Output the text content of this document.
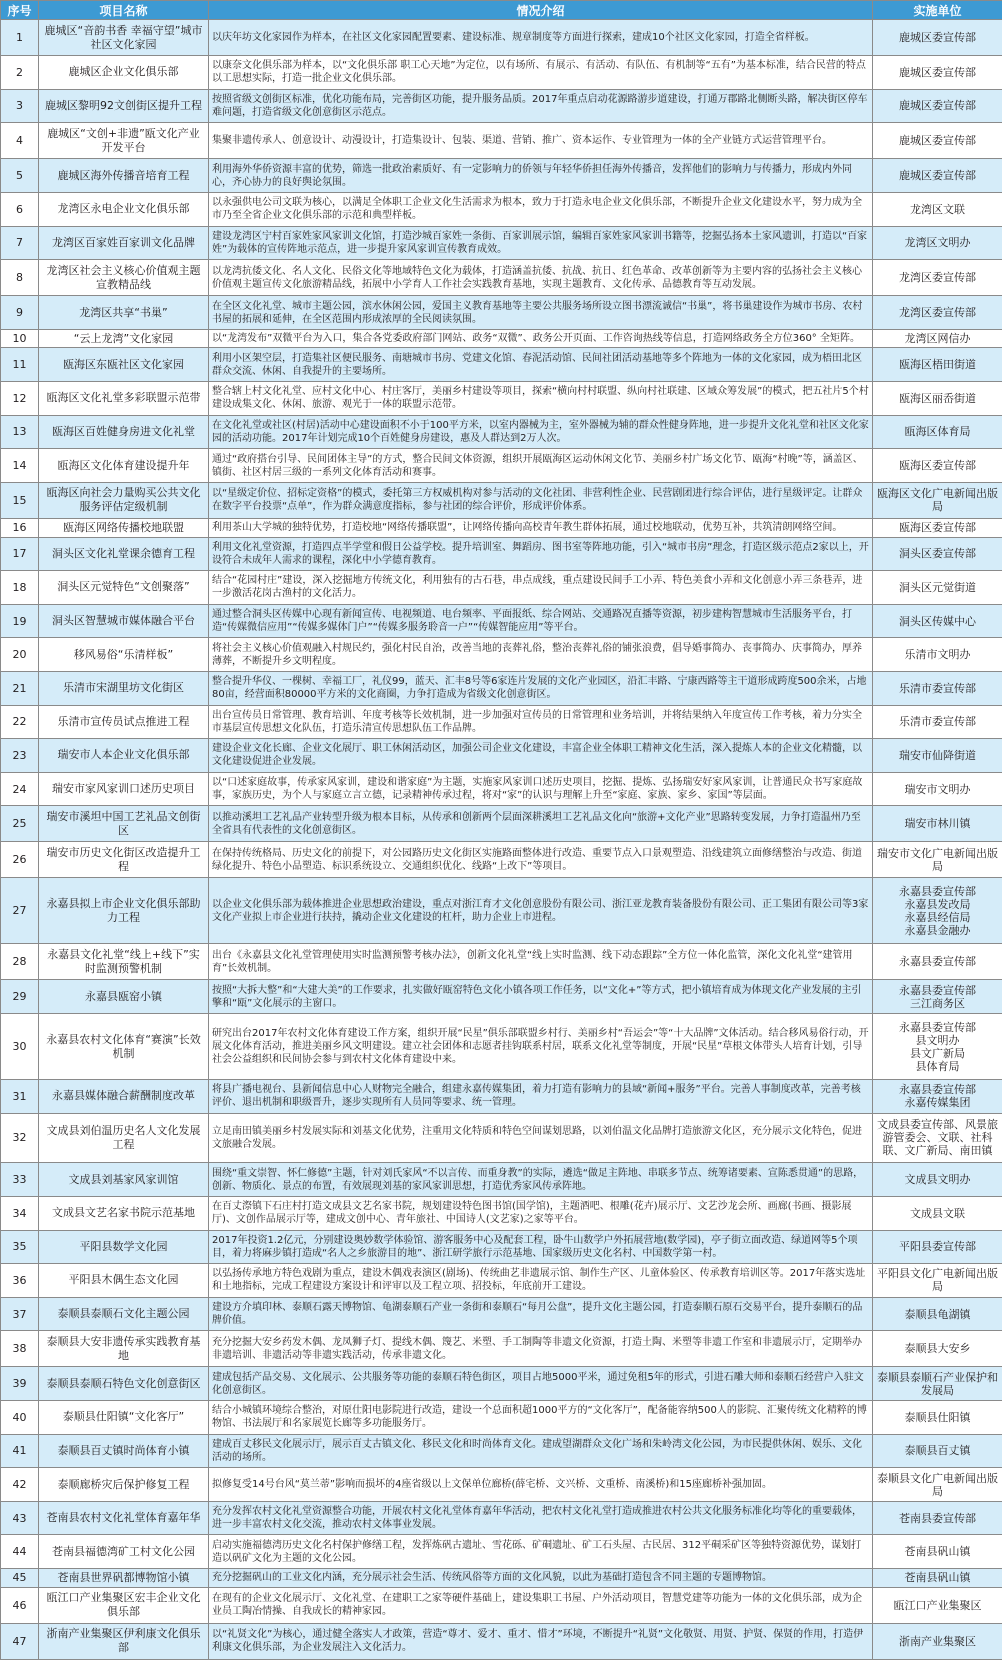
序号	项目名称	情况介绍	实施单位
1	鹿城区“音韵书香 幸福守望”城市社区文化家园	以庆年坊文化家园作为样本，在社区文化家园配置要素、建设标准、规章制度等方面进行探索，建成10个社区文化家园，打造全省样板。	鹿城区委宣传部
2	鹿城区企业文化俱乐部	以康奈文化俱乐部为样本，以“文化俱乐部 职工心天地”为定位，以有场所、有展示、有活动、有队伍、有机制等“五有”为基本标准，结合民营的特点以工思想实际，打造一批企业文化俱乐部。	鹿城区委宣传部
3	鹿城区黎明92文创街区提升工程	按照省级文创街区标准，优化功能布局，完善街区功能，提升服务品质。2017年重点启动花源路游步道建设，打通万郡路北侧断头路，解决街区停车难问题，打造省级文化创意街区示范点。	鹿城区委宣传部
4	鹿城区“文创+非遗”瓯文化产业开发平台	集聚非遗传承人、创意设计、动漫设计，打造集设计、包装、渠道、营销、推广、资本运作、专业管理为一体的全产业链方式运营管理平台。	鹿城区委宣传部
5	鹿城区海外传播音培育工程	利用海外华侨资源丰富的优势，筛选一批政治素质好、有一定影响力的侨领与年轻华侨担任海外传播音，发挥他们的影响力与传播力，形成内外同心，齐心协力的良好舆论氛围。	鹿城区委宣传部
6	龙湾区永电企业文化俱乐部	以永强供电公司文联为核心，以满足全体职工企业文化生活需求为根本，致力于打造永电企业文化俱乐部，不断提升企业文化建设水平，努力成为全市乃至全省企业文化俱乐部的示范和典型样板。	龙湾区文联
7	龙湾区百家姓百家训文化品牌	建设龙湾区宁村百家姓家风家训文化馆，打造沙城百家姓一条街、百家训展示馆，编辑百家姓家风家训书籍等，挖掘弘扬本土家风遗训，打造以“百家姓”为载体的宣传阵地示范点，进一步提升家风家训宣传教育成效。	龙湾区文明办
8	龙湾区社会主义核心价值观主题宣教精品线	以龙湾抗倭文化、名人文化、民俗文化等地域特色文化为载体，打造涵盖抗倭、抗战、抗日、红色革命、改革创新等为主要内容的弘扬社会主义核心价值观主题宣传文化旅游精品线，拓展中小学育人工作社会实践教育基地，实现主题教育、文化传承、品德教育等互动发展。	龙湾区委宣传部
9	龙湾区共享“书巢”	在全区文化礼堂、城市主题公园，滨水休闲公园，爱国主义教育基地等主要公共服务场所设立图书漂流诚信“书巢”，将书巢建设作为城市书房、农村书屋的拓展和延伸，在全区范围内形成浓厚的全民阅读氛围。	龙湾区委宣传部
10	“云上龙湾”文化家园	以“龙湾发布”双微平台为入口，集合各党委政府部门网站、政务“双微”、政务公开页面、工作咨询热线等信息，打造网络政务全方位360° 全矩阵。	龙湾区网信办
11	瓯海区东瓯社区文化家园	利用小区架空层，打造集社区便民服务、南塘城市书房、党建文化馆、春泥活动馆、民间社团活动基地等多个阵地为一体的文化家园，成为梧田北区群众交流、休闲、自我提升的主要场所。	瓯海区梧田街道
12	瓯海区文化礼堂多彩联盟示范带	整合辖上村文化礼堂、应村文化中心、村庄客厅，美丽乡村建设等项目，探索“横向村村联盟、纵向村社联建、区域众筹发展”的模式，把五社片5个村建设成集文化、休闲、旅游、观光于一体的联盟示范带。	瓯海区丽岙街道
13	瓯海区百姓健身房进文化礼堂	在文化礼堂或社区(村居)活动中心建设面积不小于100平方米，以室内器械为主，室外器械为辅的群众性健身阵地，进一步提升文化礼堂和社区文化家园的活动功能。2017年计划完成10个百姓健身房建设，惠及人群达到2万人次。	瓯海区体育局
14	瓯海区文化体育建设提升年	通过“政府搭台引导、民间团体主导”的方式，整合民间文体资源，组织开展瓯海区运动休闲文化节、美丽乡村广场文化节、瓯海“村晚”等，涵盖区、镇街、社区村居三级的一系列文化体育活动和赛事。	瓯海区委宣传部
15	瓯海区向社会力量购买公共文化服务评估定级机制	以“星级定价位、招标定资格”的模式，委托第三方权威机构对参与活动的文化社团、非营利性企业、民营剧团进行综合评估，进行星级评定。让群众在数字平台投票“点单”，作为群众满意度指标，参与社团的综合评价，形成评价体系。	瓯海区文化广电新闻出版局
16	瓯海区网络传播校地联盟	利用茶山大学城的独特优势，打造校地“网络传播联盟”，让网络传播向高校青年教生群体拓展，通过校地联动，优势互补，共筑清朗网络空间。	瓯海区委宣传部
17	洞头区文化礼堂课余德育工程	利用文化礼堂资源，打造四点半学堂和假日公益学校。提升培训室、舞蹈房、图书室等阵地功能，引入“城市书房”理念，打造区级示范点2家以上，开设符合未成年人需求的课程，深化中小学德育教育。	洞头区委宣传部
18	洞头区元觉特色“文创聚落”	结合“花园村庄”建设，深入挖掘地方传统文化，利用独有的古石巷，串点成线，重点建设民间手工小弄、特色美食小弄和文化创意小弄三条巷弄，进一步激活花岗古渔村的文化活力。	洞头区元觉街道
19	洞头区智慧城市媒体融合平台	通过整合洞头区传媒中心现有新闻宣传、电视频道、电台频率、平面报纸、综合网站、交通路况直播等资源，初步建构智慧城市生活服务平台，打造“传媒微信应用”“传媒多媒体门户”“传媒多服务聆音一户”“传媒智能应用”等平台。	洞头区传媒中心
20	移风易俗“乐清样板”	将社会主义核心价值观融入村规民约，强化村民自治，改善当地的丧葬礼俗，整治丧葬礼俗的铺张浪费，倡导婚事简办、丧事简办、庆事简办，厚养薄葬，不断提升乡文明程度。	乐清市文明办
21	乐清市宋湖里坊文化街区	整合提升华仪、一棵树、幸福工厂，礼仪99，蓝天、汇丰8号等6家连片发展的文化产业园区，沿汇丰路、宁康西路等主干道形成跨度500余米，占地80亩，经营面积80000平方米的文化商圈，力争打造成为省级文化创意街区。	乐清市委宣传部
22	乐清市宣传员试点推进工程	出台宣传员日常管理、教育培训、年度考核等长效机制，进一步加强对宣传员的日常管理和业务培训，并将结果纳入年度宣传工作考核，着力分实全市基层宣传思想文化队伍，打造乐清宣传思想队伍工作品牌。	乐清市委宣传部
23	瑞安市人本企业文化俱乐部	建设企业文化长廊、企业文化展厅、职工休闲活动区，加强公司企业文化建设，丰富企业全体职工精神文化生活，深入提炼人本的企业文化精髓，以文化建设促进企业发展。	瑞安市仙降街道
24	瑞安市家风家训口述历史项目	以“口述家庭故事，传承家风家训，建设和谐家庭”为主题，实施家风家训口述历史项目，挖掘、提炼、弘扬瑞安好家风家训，让普通民众书写家庭故事，家族历史，为个人与家庭立言立德，记录精神传承过程，将对“家”的认识与理解上升至“家庭、家族、家乡、家国”等层面。	瑞安市文明办
25	瑞安市溪坦中国工艺礼品文创街区	以推动溪坦工艺礼品产业转型升级为根本目标，从传承和创新两个层面深耕溪坦工艺礼品文化向“旅游+文化产业”思路转变发展，力争打造温州乃至全省具有代表性的文化创意街区。	瑞安市林川镇
26	瑞安市历史文化街区改造提升工程	在保持传统格局、历史文化的前提下，对公园路历史文化街区实施路面整体进行改造、重要节点入口景观塑造、沿线建筑立面修缮整治与改造、街道绿化提升、特色小品塑造、标识系统设立、交通组织优化、线路“上改下”等项目。	瑞安市文化广电新闻出版局
27	永嘉县拟上市企业文化俱乐部助力工程	以企业文化俱乐部为载体推进企业思想政治建设，重点对浙江育才文化创意股份有限公司、浙江亚龙教育装备股份有限公司、正工集团有限公司等3家文化产业拟上市企业进行扶持，撬动企业文化建设的杠杆，助力企业上市进程。	永嘉县委宣传部
永嘉县发改局
永嘉县经信局
永嘉县金融办
28	永嘉县文化礼堂“线上+线下”实时监测预警机制	出台《永嘉县文化礼堂管理使用实时监测预警考核办法》，创新文化礼堂“线上实时监测、线下动态跟踪”全方位一体化监管，深化文化礼堂“建管用育”长效机制。	永嘉县委宣传部
29	永嘉县瓯窑小镇	按照“大拆大整”和“大建大美”的工作要求，扎实做好瓯窑特色文化小镇各项工作任务，以“文化+”等方式，把小镇培育成为体现文化产业发展的主引擎和“瓯”文化展示的主窗口。	永嘉县委宣传部
三江商务区
30	永嘉县农村文化体育“赛演”长效机制	研究出台2017年农村文化体育建设工作方案，组织开展“民星”俱乐部联盟乡村行、美丽乡村“吾运会”等“十大品牌”文体活动。结合移风易俗行动，开展文化体育活动，推进美丽乡风文明建设。建立社会团体和志愿者挂钩联系村居，联系文化礼堂等制度，开展“民星”草根文体带头人培育计划，引导社会公益组织和民间协会参与到农村文化体育建设中来。	永嘉县委宣传部
县文明办
县文广新局
县体育局
31	永嘉县媒体融合薪酬制度改革	将县广播电视台、县新闻信息中心人财物完全融合，组建永嘉传媒集团，着力打造有影响力的县域“新闻+服务”平台。完善人事制度改革，完善考核评价、退出机制和职级晋升，逐步实现所有人员同等要求、统一管理。	永嘉县委宣传部
永嘉传媒集团
32	文成县刘伯温历史名人文化发展工程	立足南田镇美丽乡村发展实际和刘基文化优势，注重用文化特质和特色空间谋划思路，以刘伯温文化品牌打造旅游文化区，充分展示文化特色，促进文旅融合发展。	文成县委宣传部、风景旅游管委会、文联、社科联、文广新局、南田镇
33	文成县刘基家风家训馆	围绕“重文崇智、怀仁修德”主题，针对刘氏家风“不以言传、而重身教”的实际，遴选“做足主阵地、串联多节点、统筹诸要素、宣陈悉贯通”的思路，创新、物质化、景点的布置，有效展现刘基的家风家训思想，打造优秀家风传承阵地。	文成县文明办
34	文成县文艺名家书院示范基地	在百丈漈镇下石庄村打造文成县文艺名家书院，规划建设特色图书馆(国学馆)，主题酒吧、根雕(花卉)展示厅、文艺沙龙会所、画廊(书画、摄影展厅)、文创作品展示厅等，建成文创中心、青年旅社、中国诗人(文艺家)之家等平台。	文成县文联
35	平阳县数学文化园	2017年投资1.2亿元，分别建设奥妙数学体验馆、游客服务中心及配套工程，卧牛山数学户外拓展营地(数学园)，亭子街立面改造、绿道网等5个项目，着力将麻步镇打造成“名人之乡旅游目的地”、浙江研学旅行示范基地、国家级历史文化名村、中国数学第一村。	平阳县委宣传部
36	平阳县木偶生态文化园	以弘扬传承地方特色戏剧为重点，建设木偶戏表演区(剧场)、传统曲艺非遗展示馆、制作生产区、儿童体验区、传承教育培训区等。2017年落实选址和土地指标，完成工程建设方案设计和评审以及工程立项、招投标，年底前开工建设。	平阳县文化广电新闻出版局
37	泰顺县泰顺石文化主题公园	建设方介填印林、泰顺石露天博物馆、龟湖泰顺石产业一条街和泰顺石“每月公盘”，提升文化主题公园，打造泰顺石原石交易平台，提升泰顺石的品牌价值。	泰顺县龟湖镇
38	泰顺县大安非遗传承实践教育基地	充分挖掘大安乡药发木偶、龙凤狮子灯、提线木偶、篾艺、米塑、手工制陶等非遗文化资源，打造土陶、米塑等非遗工作室和非遗展示厅，定期举办非遗培训、非遗活动等非遗实践活动，传承非遗文化。	泰顺县大安乡
39	泰顺县泰顺石特色文化创意街区	建成包括产品交易、文化展示、公共服务等功能的泰顺石特色街区，项目占地5000平米，通过免租5年的形式，引进石雕大师和泰顺石经营户入驻文化创意街区。	泰顺县泰顺石产业保护和发展局
40	泰顺县仕阳镇“文化客厅”	结合小城镇环境综合整治，对原仕阳电影院进行改造，建设一个总面积超1000平方的“文化客厅”，配备能容纳500人的影院、汇聚传统文化精粹的博物馆、书法展厅和名家展览长廊等多功能服务厅。	泰顺县仕阳镇
41	泰顺县百丈镇时尚体育小镇	建成百丈移民文化展示厅，展示百丈古镇文化、移民文化和时尚体育文化。建成望湖群众文化广场和朱岭湾文化公园，为市民提供休闲、娱乐、文化活动的场所。	泰顺县百丈镇
42	泰顺廊桥灾后保护修复工程	拟修复受14号台风“莫兰蒂”影响而损坏的4座省级以上文保单位廊桥(薛宅桥、文兴桥、文重桥、南溪桥)和15座廊桥补强加固。	泰顺县文化广电新闻出版局
43	苍南县农村文化礼堂体育嘉年华	充分发挥农村文化礼堂资源整合功能，开展农村文化礼堂体育嘉年华活动，把农村文化礼堂打造成推进农村公共文化服务标准化均等化的重要载体，进一步丰富农村文化交流，推动农村文体事业发展。	苍南县委宣传部
44	苍南县福德湾矿工村文化公园	启动实施福德湾历史文化名村保护修缮工程，发挥炼矾古遗址、雪花砾、矿硐遗址、矿工石头屋、古民居、312平硐采矿区等独特资源优势，谋划打造以矾矿文化为主题的文化公园。	苍南县矾山镇
45	苍南县世界矾都博物馆小镇	充分挖掘矾山的工业文化内涵，充分展示社会生活、传统风俗等方面的文化风貌，以此为基础打造包含不同主题的专题博物馆。	苍南县矾山镇
46	瓯江口产业集聚区宏丰企业文化俱乐部	在现有的企业文化展示厅、文化礼堂、在建职工之家等硬件基础上，建设集职工书屋、户外活动项目，智慧党建等功能为一体的文化俱乐部，成为企业员工陶冶情操、自我成长的精神家园。	瓯江口产业集聚区
47	浙南产业集聚区伊利康文化俱乐部	以“礼贤文化”为核心，通过健全落实人才政策，营造“尊才、爱才、重才、惜才”环境，不断提升“礼贤”文化敬贤、用贤、护贤、保贤的作用，打造伊利康文化俱乐部，为企业发展注入文化活力。	浙南产业集聚区
